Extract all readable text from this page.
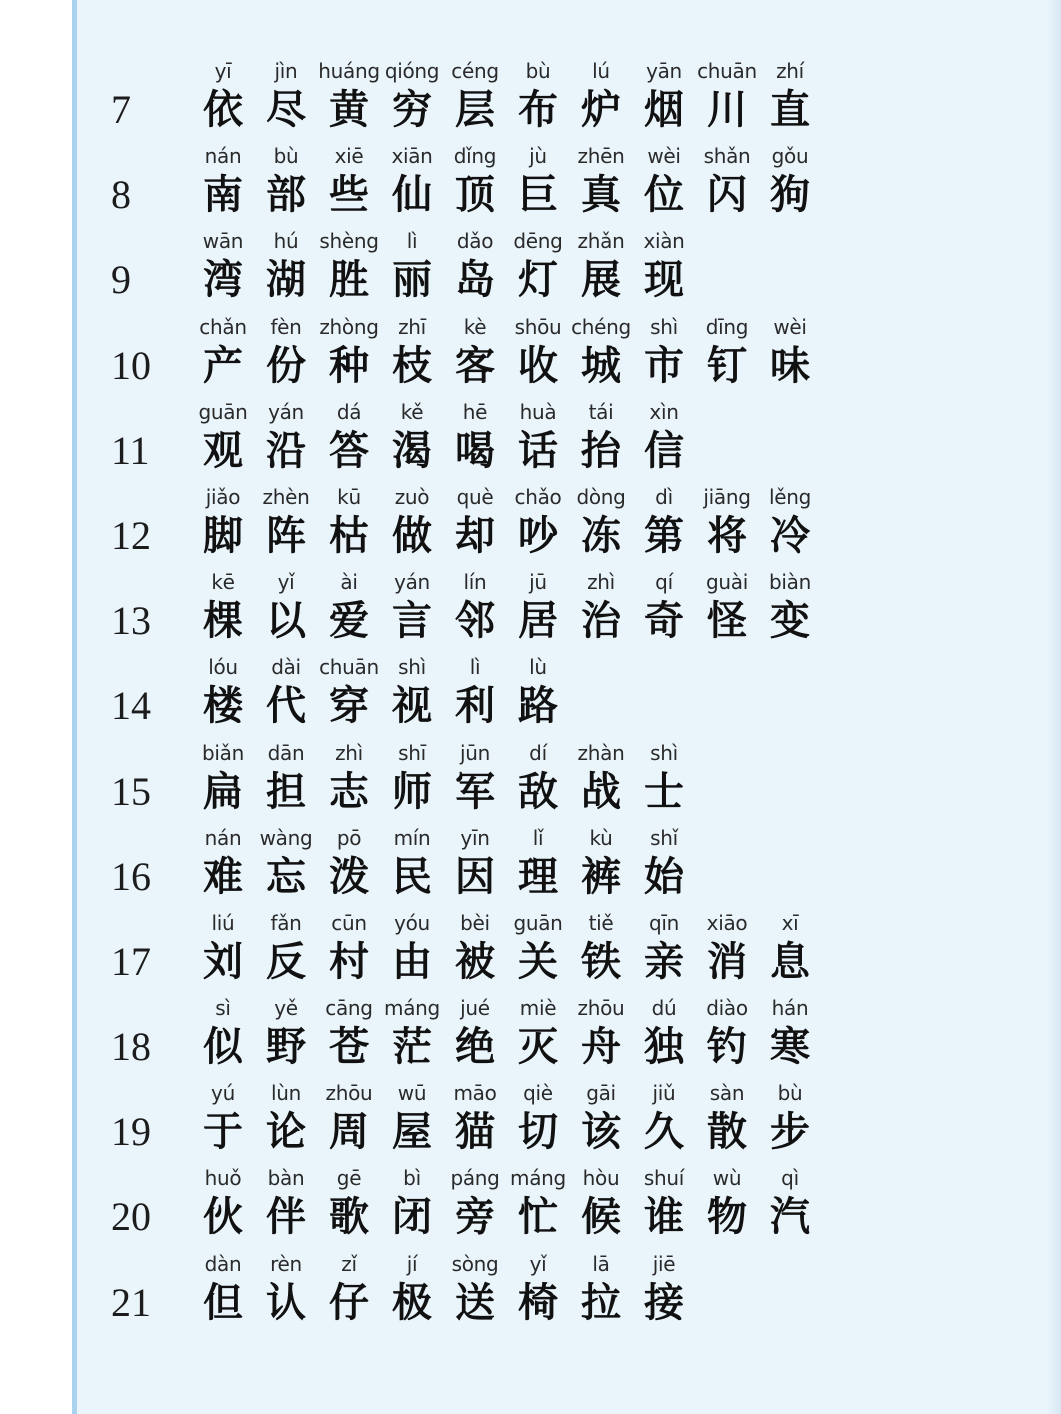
7
yī
依
jìn
尽
huáng
黄
qióng
穷
céng
层
bù
布
lú
炉
yān
烟
chuān
川
zhí
直
8
nán
南
bù
部
xiē
些
xiān
仙
dǐng
顶
jù
巨
zhēn
真
wèi
位
shǎn
闪
gǒu
狗
9
wān
湾
hú
湖
shèng
胜
lì
丽
dǎo
岛
dēng
灯
zhǎn
展
xiàn
现
10
chǎn
产
fèn
份
zhòng
种
zhī
枝
kè
客
shōu
收
chéng
城
shì
市
dīng
钉
wèi
味
11
guān
观
yán
沿
dá
答
kě
渴
hē
喝
huà
话
tái
抬
xìn
信
12
jiǎo
脚
zhèn
阵
kū
枯
zuò
做
què
却
chǎo
吵
dòng
冻
dì
第
jiāng
将
lěng
冷
13
kē
棵
yǐ
以
ài
爱
yán
言
lín
邻
jū
居
zhì
治
qí
奇
guài
怪
biàn
变
14
lóu
楼
dài
代
chuān
穿
shì
视
lì
利
lù
路
15
biǎn
扁
dān
担
zhì
志
shī
师
jūn
军
dí
敌
zhàn
战
shì
士
16
nán
难
wàng
忘
pō
泼
mín
民
yīn
因
lǐ
理
kù
裤
shǐ
始
17
liú
刘
fǎn
反
cūn
村
yóu
由
bèi
被
guān
关
tiě
铁
qīn
亲
xiāo
消
xī
息
18
sì
似
yě
野
cāng
苍
máng
茫
jué
绝
miè
灭
zhōu
舟
dú
独
diào
钓
hán
寒
19
yú
于
lùn
论
zhōu
周
wū
屋
māo
猫
qiè
切
gāi
该
jiǔ
久
sàn
散
bù
步
20
huǒ
伙
bàn
伴
gē
歌
bì
闭
páng
旁
máng
忙
hòu
候
shuí
谁
wù
物
qì
汽
21
dàn
但
rèn
认
zǐ
仔
jí
极
sòng
送
yǐ
椅
lā
拉
jiē
接
